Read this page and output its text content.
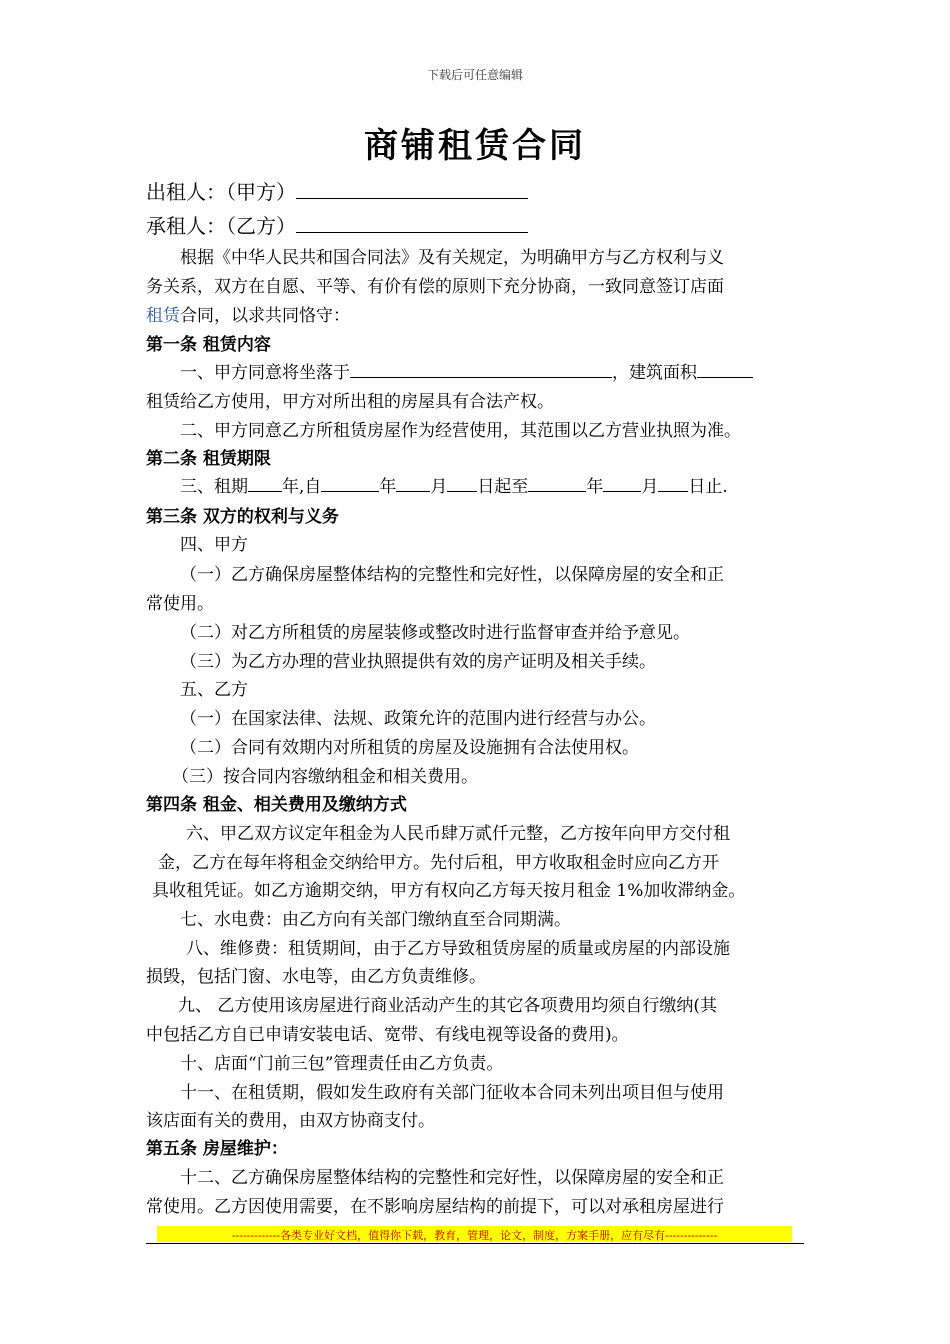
下载后可任意编辑
商铺租赁合同
出租人：（甲方）
承租人：（乙方）
根据《中华人民共和国合同法》及有关规定，为明确甲方与乙方权利与义
务关系，双方在自愿、平等、有价有偿的原则下充分协商，一致同意签订店面
租赁合同，以求共同恪守：
第一条 租赁内容
一、甲方同意将坐落于	，建筑面积
租赁给乙方使用，甲方对所出租的房屋具有合法产权。
二、甲方同意乙方所租赁房屋作为经营使用，其范围以乙方营业执照为准。
第二条 租赁期限
三、租期 年,自	年 月 日起至	年 月 日止.
第三条 双方的权利与义务
四、甲方
（一）乙方确保房屋整体结构的完整性和完好性，以保障房屋的安全和正
常使用。
（二）对乙方所租赁的房屋装修或整改时进行监督审查并给予意见。
（三）为乙方办理的营业执照提供有效的房产证明及相关手续。
五、乙方
（一）在国家法律、法规、政策允许的范围内进行经营与办公。
（二）合同有效期内对所租赁的房屋及设施拥有合法使用权。
（三）按合同内容缴纳租金和相关费用。
第四条 租金、相关费用及缴纳方式
六、甲乙双方议定年租金为人民币肆万贰仟元整，乙方按年向甲方交付租
金，乙方在每年将租金交纳给甲方。先付后租，甲方收取租金时应向乙方开
具收租凭证。如乙方逾期交纳，甲方有权向乙方每天按月租金 1%加收滞纳金。
七、水电费：由乙方向有关部门缴纳直至合同期满。
八、维修费：租赁期间，由于乙方导致租赁房屋的质量或房屋的内部设施
损毁，包括门窗、水电等，由乙方负责维修。
九、 乙方使用该房屋进行商业活动产生的其它各项费用均须自行缴纳(其
中包括乙方自已申请安装电话、宽带、有线电视等设备的费用)。
十、店面“门前三包”管理责任由乙方负责。
十一、在租赁期，假如发生政府有关部门征收本合同未列出项目但与使用
该店面有关的费用，由双方协商支付。
第五条 房屋维护：
十二、乙方确保房屋整体结构的完整性和完好性，以保障房屋的安全和正
常使用。乙方因使用需要，在不影响房屋结构的前提下，可以对承租房屋进行
-------------各类专业好文档，值得你下载，教育，管理，论文，制度，方案手册，应有尽有--------------
